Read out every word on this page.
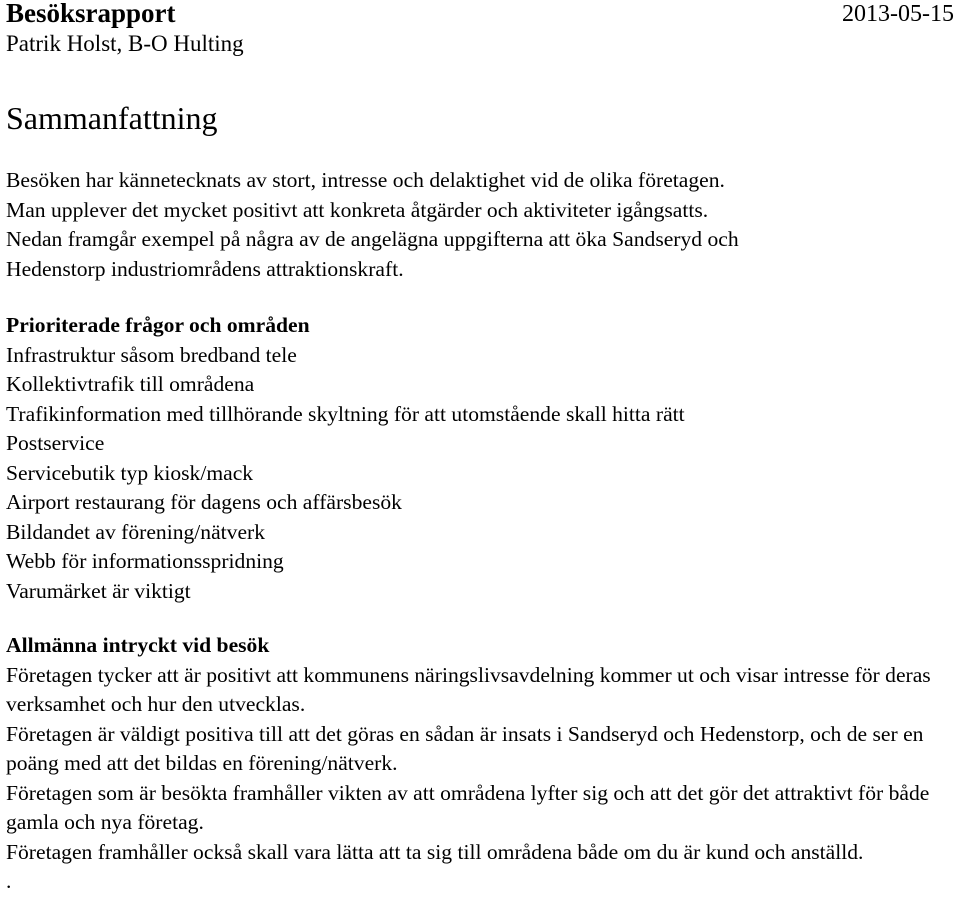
Besöksrapport	2013-05-15
Patrik Holst, B-O Hulting
Sammanfattning

Besöken har kännetecknats av stort, intresse och delaktighet vid de olika företagen.
Man upplever det mycket positivt att konkreta åtgärder och aktiviteter igångsatts.
Nedan framgår exempel på några av de angelägna uppgifterna att öka Sandseryd och
Hedenstorp industriområdens attraktionskraft.

Prioriterade frågor och områden
Infrastruktur såsom bredband tele
Kollektivtrafik till områdena
Trafikinformation med tillhörande skyltning för att utomstående skall hitta rätt
Postservice
Servicebutik typ kiosk/mack
Airport restaurang för dagens och affärsbesök
Bildandet av förening/nätverk
Webb för informationsspridning
Varumärket är viktigt
Allmänna intryckt vid besök

Företagen tycker att är positivt att kommunens näringslivsavdelning kommer ut och visar intresse för deras verksamhet och hur den utvecklas.

Företagen är väldigt positiva till att det göras en sådan är insats i Sandseryd och Hedenstorp, och de ser en poäng med att det bildas en förening/nätverk.

Företagen som är besökta framhåller vikten av att områdena lyfter sig och att det gör det attraktivt för både gamla och nya företag.

Företagen framhåller också skall vara lätta att ta sig till områdena både om du är kund och anställd.

.
